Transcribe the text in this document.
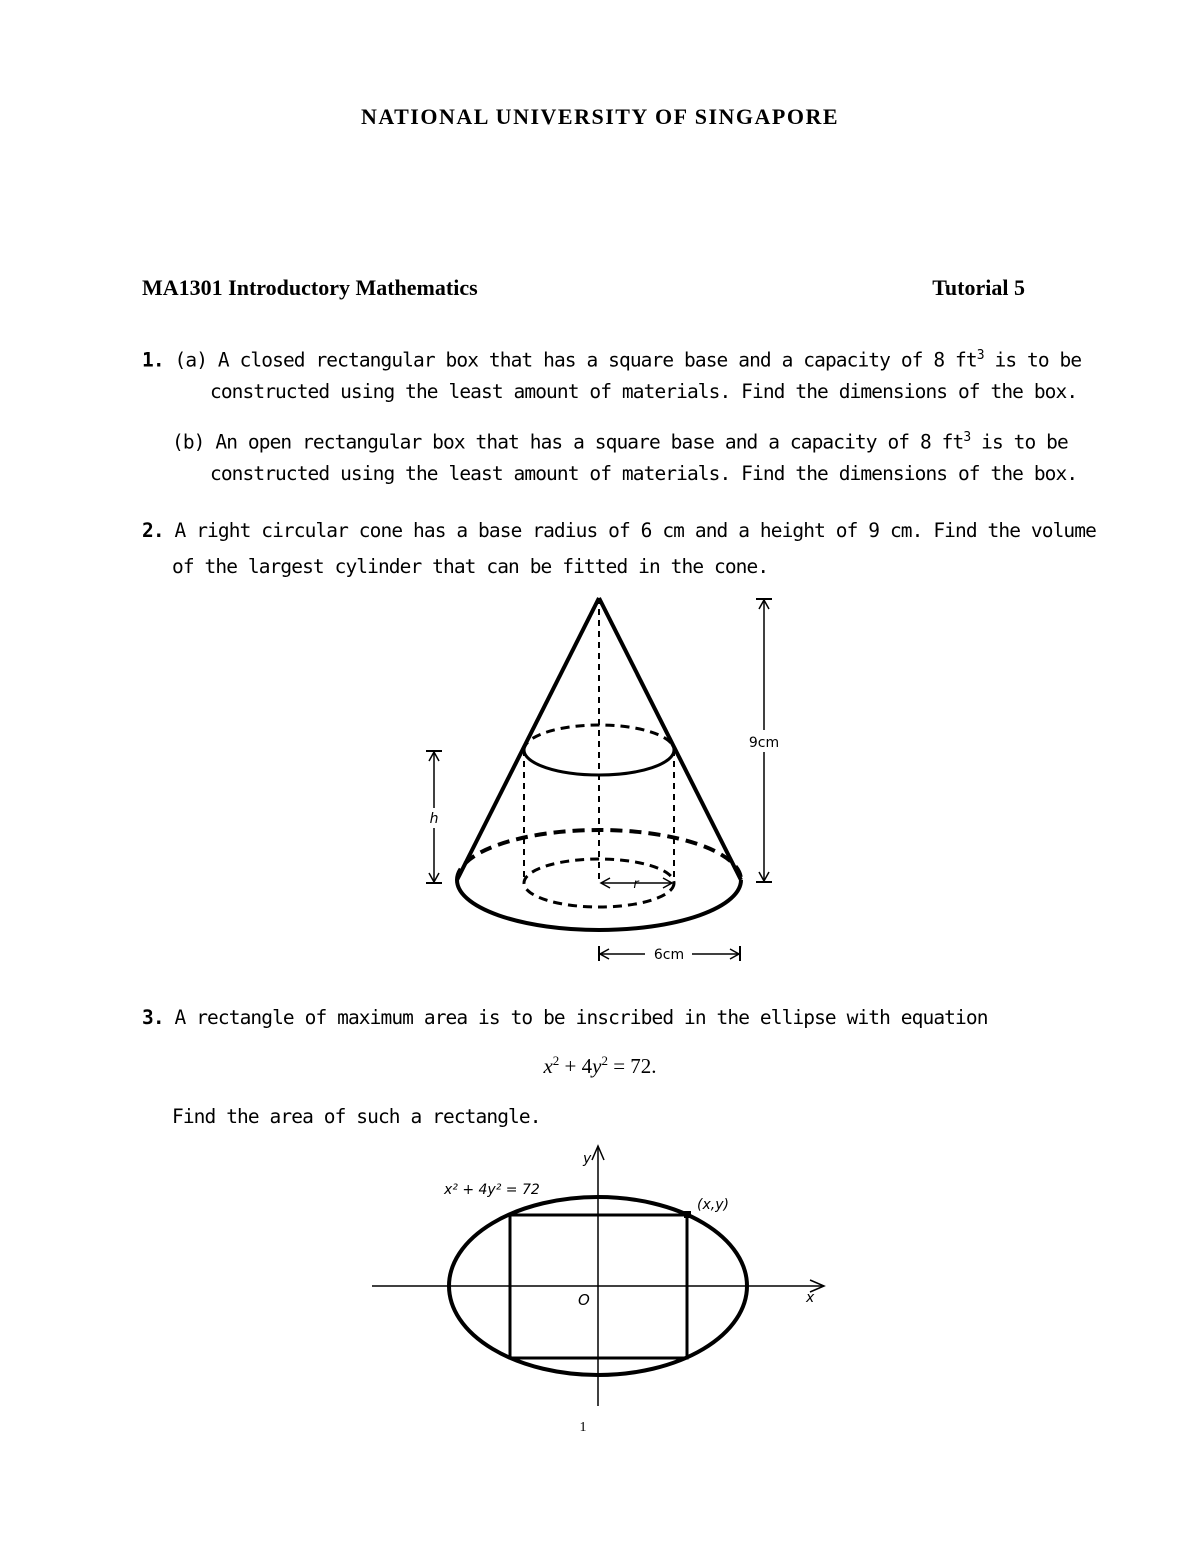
NATIONAL UNIVERSITY OF SINGAPORE
MA1301 Introductory Mathematics	Tutorial 5
1. (a) A closed rectangular box that has a square base and a capacity of 8 $ft^3$ is to be
constructed using the least amount of materials. Find the dimensions of the box.
(b) An open rectangular box that has a square base and a capacity of 8 $ft^3$ is to be
constructed using the least amount of materials. Find the dimensions of the box.
2. A right circular cone has a base radius of 6 cm and a height of 9 cm. Find the volume
of the largest cylinder that can be fitted in the cone.
9cm
6cm
h
r
3. A rectangle of maximum area is to be inscribed in the ellipse with equation
$x^2 + 4y^2 = 72$.
Find the area of such a rectangle.
x² + 4y² = 72
(x,y)
O	x
y
1
